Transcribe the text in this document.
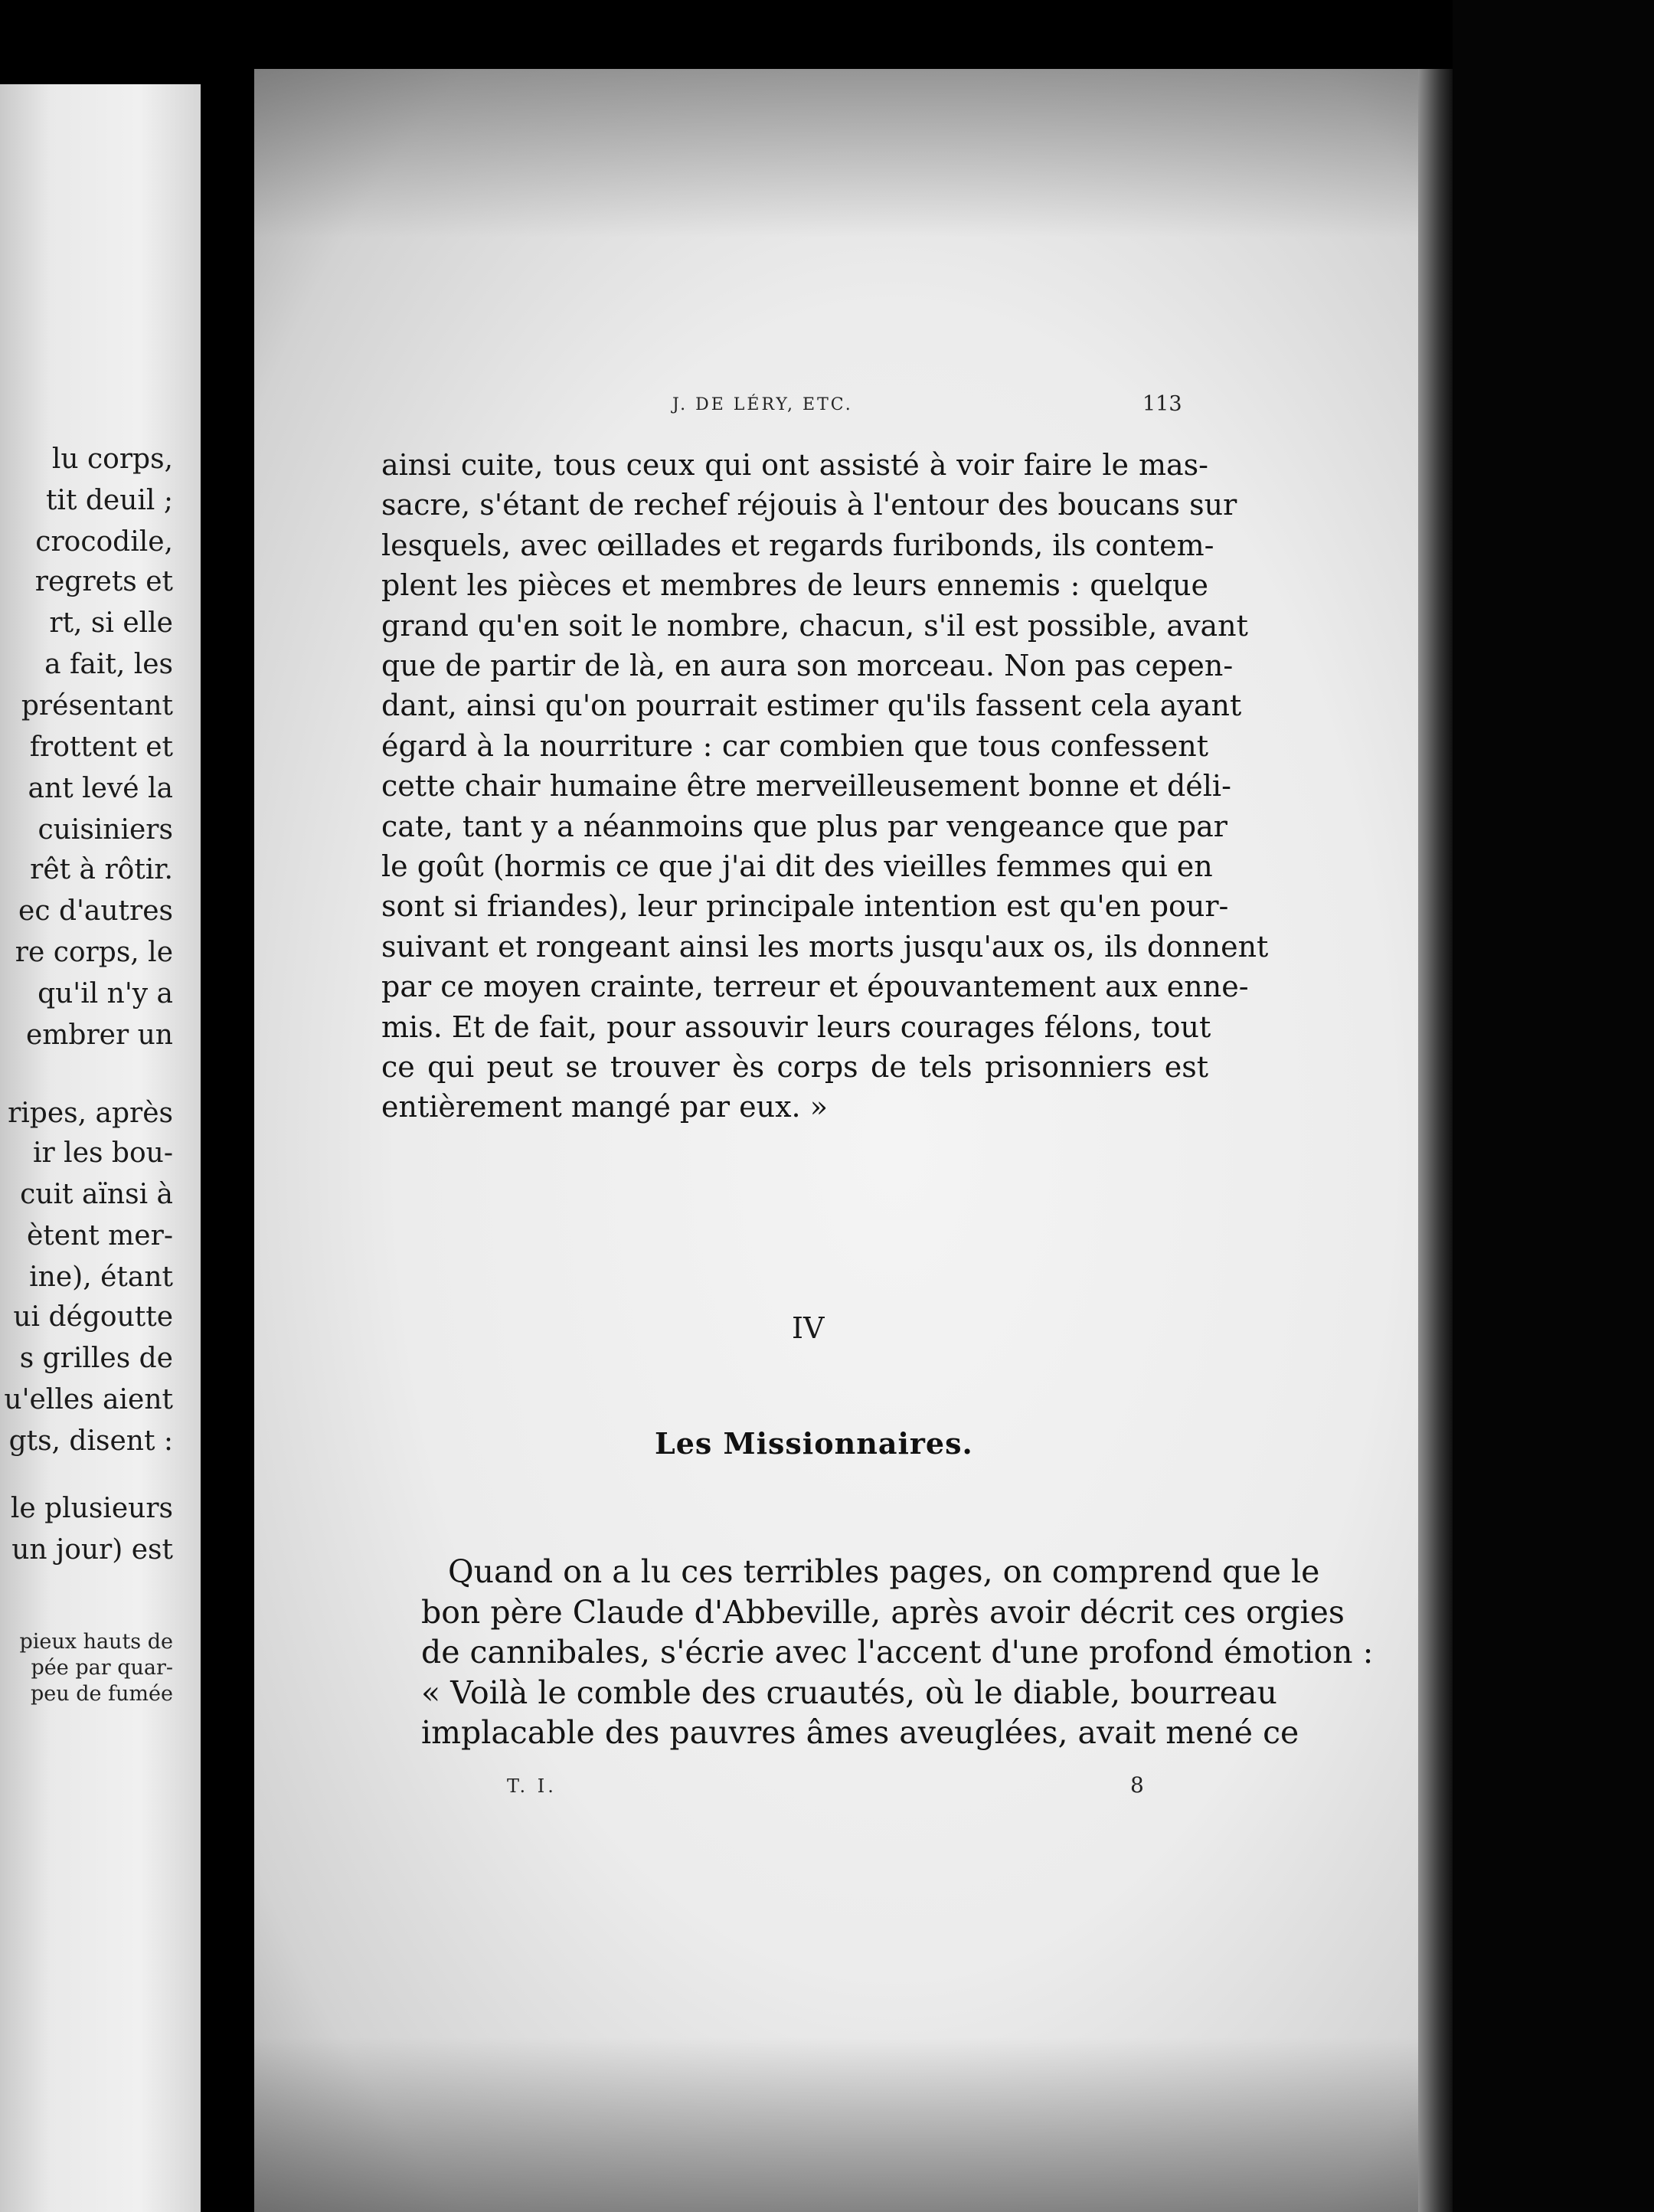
J. DE LÉRY, ETC.	113
ainsi cuite, tous ceux qui ont assisté à voir faire le mas-
sacre, s'étant de rechef réjouis à l'entour des boucans sur
lesquels, avec œillades et regards furibonds, ils contem-
plent les pièces et membres de leurs ennemis : quelque
grand qu'en soit le nombre, chacun, s'il est possible, avant
que de partir de là, en aura son morceau. Non pas cepen-
dant, ainsi qu'on pourrait estimer qu'ils fassent cela ayant
égard à la nourriture : car combien que tous confessent
cette chair humaine être merveilleusement bonne et déli-
cate, tant y a néanmoins que plus par vengeance que par
le goût (hormis ce que j'ai dit des vieilles femmes qui en
sont si friandes), leur principale intention est qu'en pour-
suivant et rongeant ainsi les morts jusqu'aux os, ils donnent
par ce moyen crainte, terreur et épouvantement aux enne-
mis. Et de fait, pour assouvir leurs courages félons, tout
ce qui peut se trouver ès corps de tels prisonniers est
entièrement mangé par eux. »
IV
Les Missionnaires.
Quand on a lu ces terribles pages, on comprend que le
bon père Claude d'Abbeville, après avoir décrit ces orgies
de cannibales, s'écrie avec l'accent d'une profond émotion :
« Voilà le comble des cruautés, où le diable, bourreau
implacable des pauvres âmes aveuglées, avait mené ce
T. I.	8
lu corps,
tit deuil ;
crocodile,
regrets et
rt, si elle
a fait, les
présentant
frottent et
ant levé la
cuisiniers
rêt à rôtir.
ec d'autres
re corps, le
qu'il n'y a
embrer un
ripes, après
ir les bou-
cuit aïnsi à
ètent mer-
ine), étant
ui dégoutte
s grilles de
u'elles aient
gts, disent :
le plusieurs
un jour) est
pieux hauts de
pée par quar-
peu de fumée
